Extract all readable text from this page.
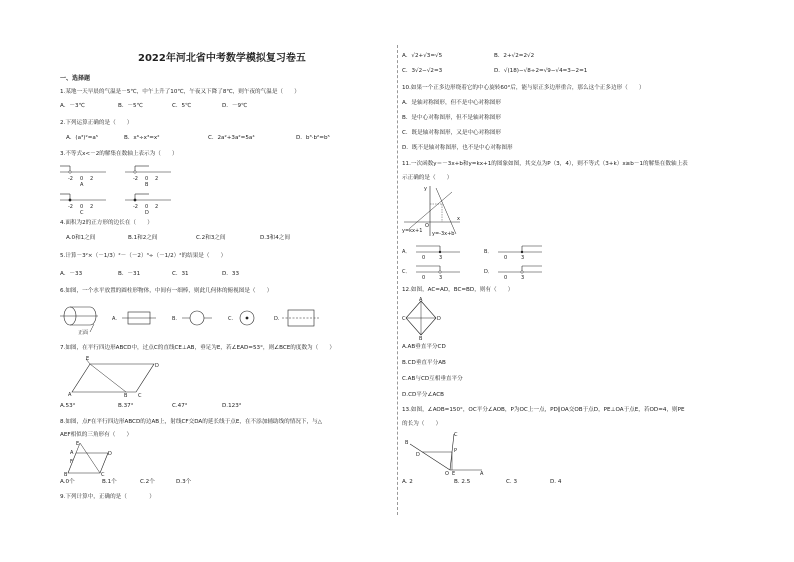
2022年河北省中考数学模拟复习卷五
一、选择题
1.某地一天早晨的气温是－5℃，中午上升了10℃，午夜又下降了8℃，则午夜的气温是（　　）
A．－3℃	B．－5℃	C．5℃	D．－9℃
2.下列运算正确的是（　　）
A．(a³)²=a⁵	B．x⁶÷x³=x²	C．2a²+3a²=5a⁴	D．b³·b²=b⁵
3.不等式x<－2的解集在数轴上表示为（　　）
-2 0 2
A
-2 0 2
B
-2 0 2
C
-2 0 2
D
4.面积为2的正方形的边长在（　　）
A.0和1之间	B.1和2之间	C.2和3之间	D.3和4之间
5.计算－3²×（－1/3）²－（－2）³÷（－1/2）²的结果是（　　）
A．－33	B．－31	C．31	D．33
6.如图，一个水平放置的圆柱形物体，中间有一细棒，则此几何体的俯视图是（　　）
正面
A.	B.	C.	D.
7.如图，在平行四边形ABCD中，过点C的直线CE⊥AB，垂足为E，若∠EAD=53°，则∠BCE的度数为（　　）
A	B C
D
E
A.53°	B.37°	C.47°	D.123°
8.如图，点F在平行四边形ABCD的边AB上，射线CF交DA的延长线于点E，在不添加辅助线的情况下，与△
AEF相似的三角形有（　　）
E
F
A
B	C
D
A.0个	B.1个	C.2个	D.3个
9.下列计算中，正确的是（　　　　）
A．√2+√3=√5	B．2+√2=2√2
C．3√2−√2=3	D．√(18)−√8÷2=√9−√4=3−2=1
10.如果一个正多边形绕着它的中心旋转60°后，能与原正多边形重合，那么这个正多边形（　　）
A．是轴对称图形，但不是中心对称图形
B．是中心对称图形，但不是轴对称图形
C．既是轴对称图形，又是中心对称图形
D．既不是轴对称图形，也不是中心对称图形
11.一次函数y＝－3x+b和y=kx+1的图象如图，其交点为P（3，4），则不等式（3+k）x≥b－1的解集在数轴上表
示正确的是（　　）
y
x
O
y=kx+1 y=-3x+b
A．
0	3
B．
0	3
C．
0	3
D．
0	3
12.如图，AC=AD，BC=BD，则有（　　）
A
B
C	D
A.AB垂直平分CD
B.CD垂直平分AB
C.AB与CD互相垂直平分
D.CD平分∠ACB
13.如图，∠AOB=150°，OC平分∠AOB，P为OC上一点，PD∥OA交OB于点D，PE⊥OA于点E，若OD=4，则PE
的长为（　　）
B
C
P
D
O E	A
A. 2	B. 2.5	C. 3	D. 4
